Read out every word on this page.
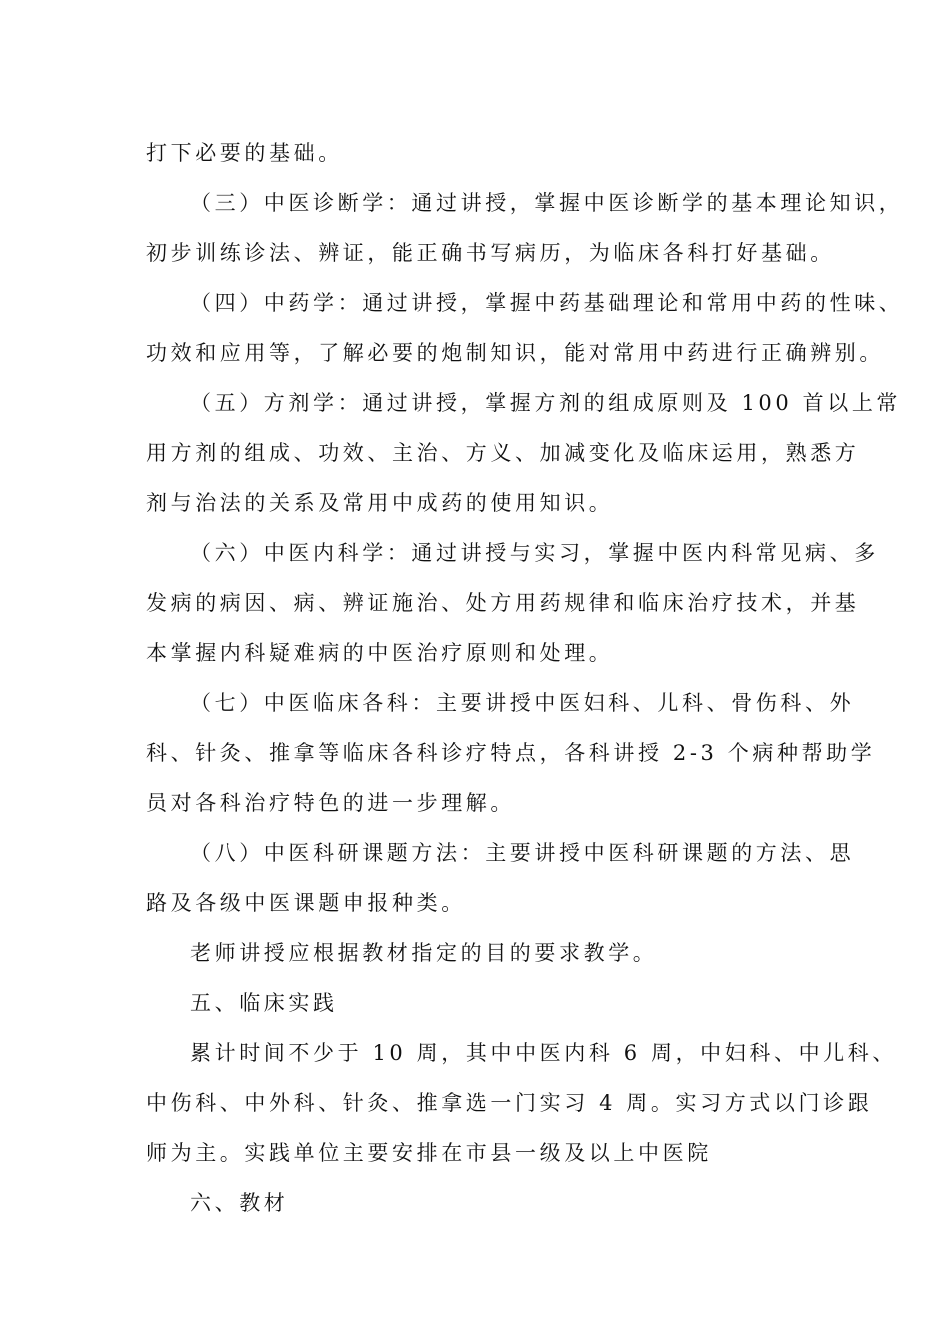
打下必要的基础。
（三）中医诊断学：通过讲授，掌握中医诊断学的基本理论知识，
初步训练诊法、辨证，能正确书写病历，为临床各科打好基础。
（四）中药学：通过讲授，掌握中药基础理论和常用中药的性味、
功效和应用等，了解必要的炮制知识，能对常用中药进行正确辨别。
（五）方剂学：通过讲授，掌握方剂的组成原则及 100 首以上常
用方剂的组成、功效、主治、方义、加减变化及临床运用，熟悉方
剂与治法的关系及常用中成药的使用知识。
（六）中医内科学：通过讲授与实习，掌握中医内科常见病、多
发病的病因、病、辨证施治、处方用药规律和临床治疗技术，并基
本掌握内科疑难病的中医治疗原则和处理。
（七）中医临床各科：主要讲授中医妇科、儿科、骨伤科、外
科、针灸、推拿等临床各科诊疗特点，各科讲授 2-3 个病种帮助学
员对各科治疗特色的进一步理解。
（八）中医科研课题方法：主要讲授中医科研课题的方法、思
路及各级中医课题申报种类。
老师讲授应根据教材指定的目的要求教学。
五、临床实践
累计时间不少于 10 周，其中中医内科 6 周，中妇科、中儿科、
中伤科、中外科、针灸、推拿选一门实习 4 周。实习方式以门诊跟
师为主。实践单位主要安排在市县一级及以上中医院
六、教材
